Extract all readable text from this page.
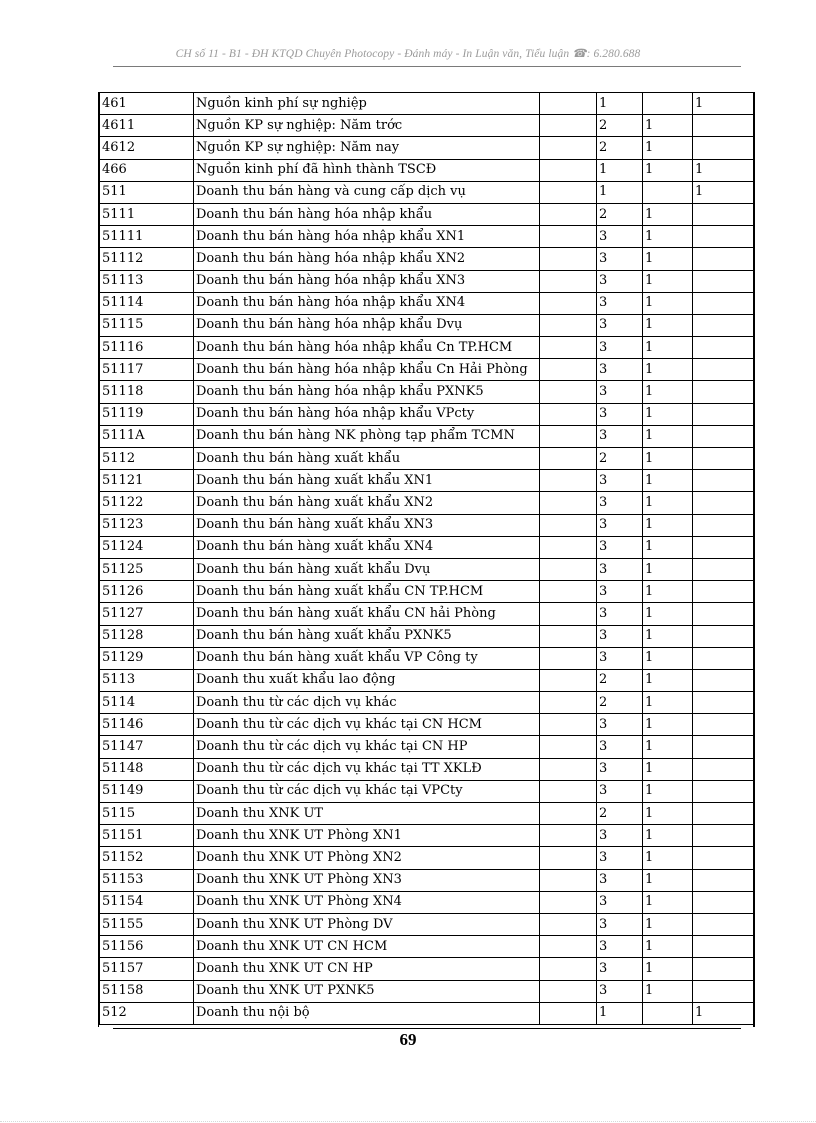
CH số 11 - B1 - ĐH KTQD Chuyên Photocopy - Đánh máy - In Luận văn, Tiểu luận ☎: 6.280.688
461	Nguồn kinh phí sự nghiệp		1		1
4611	Nguồn KP sự nghiệp: Năm trớc		2	1	
4612	Nguồn KP sự nghiệp: Năm nay		2	1	
466	Nguồn kinh phí đã hình thành TSCĐ		1	1	1
511	Doanh thu bán hàng và cung cấp dịch vụ		1		1
5111	Doanh thu bán hàng hóa nhập khẩu		2	1	
51111	Doanh thu bán hàng hóa nhập khẩu XN1		3	1	
51112	Doanh thu bán hàng hóa nhập khẩu XN2		3	1	
51113	Doanh thu bán hàng hóa nhập khẩu XN3		3	1	
51114	Doanh thu bán hàng hóa nhập khẩu XN4		3	1	
51115	Doanh thu bán hàng hóa nhập khẩu Dvụ		3	1	
51116	Doanh thu bán hàng hóa nhập khẩu Cn TP.HCM		3	1	
51117	Doanh thu bán hàng hóa nhập khẩu Cn Hải Phòng		3	1	
51118	Doanh thu bán hàng hóa nhập khẩu PXNK5		3	1	
51119	Doanh thu bán hàng hóa nhập khẩu VPcty		3	1	
5111A	Doanh thu bán hàng NK phòng tạp phẩm TCMN		3	1	
5112	Doanh thu bán hàng xuất khẩu		2	1	
51121	Doanh thu bán hàng xuất khẩu XN1		3	1	
51122	Doanh thu bán hàng xuất khẩu XN2		3	1	
51123	Doanh thu bán hàng xuất khẩu XN3		3	1	
51124	Doanh thu bán hàng xuất khẩu XN4		3	1	
51125	Doanh thu bán hàng xuất khẩu Dvụ		3	1	
51126	Doanh thu bán hàng xuất khẩu CN TP.HCM		3	1	
51127	Doanh thu bán hàng xuất khẩu CN hải Phòng		3	1	
51128	Doanh thu bán hàng xuất khẩu PXNK5		3	1	
51129	Doanh thu bán hàng xuất khẩu VP Công ty		3	1	
5113	Doanh thu xuất khẩu lao động		2	1	
5114	Doanh thu từ các dịch vụ khác		2	1	
51146	Doanh thu từ các dịch vụ khác tại CN HCM		3	1	
51147	Doanh thu từ các dịch vụ khác tại CN HP		3	1	
51148	Doanh thu từ các dịch vụ khác tại TT XKLĐ		3	1	
51149	Doanh thu từ các dịch vụ khác tại VPCty		3	1	
5115	Doanh thu XNK UT		2	1	
51151	Doanh thu XNK UT Phòng XN1		3	1	
51152	Doanh thu XNK UT Phòng XN2		3	1	
51153	Doanh thu XNK UT Phòng XN3		3	1	
51154	Doanh thu XNK UT Phòng XN4		3	1	
51155	Doanh thu XNK UT Phòng DV		3	1	
51156	Doanh thu XNK UT CN HCM		3	1	
51157	Doanh thu XNK UT CN HP		3	1	
51158	Doanh thu XNK UT PXNK5		3	1	
512	Doanh thu nội bộ		1		1
69
